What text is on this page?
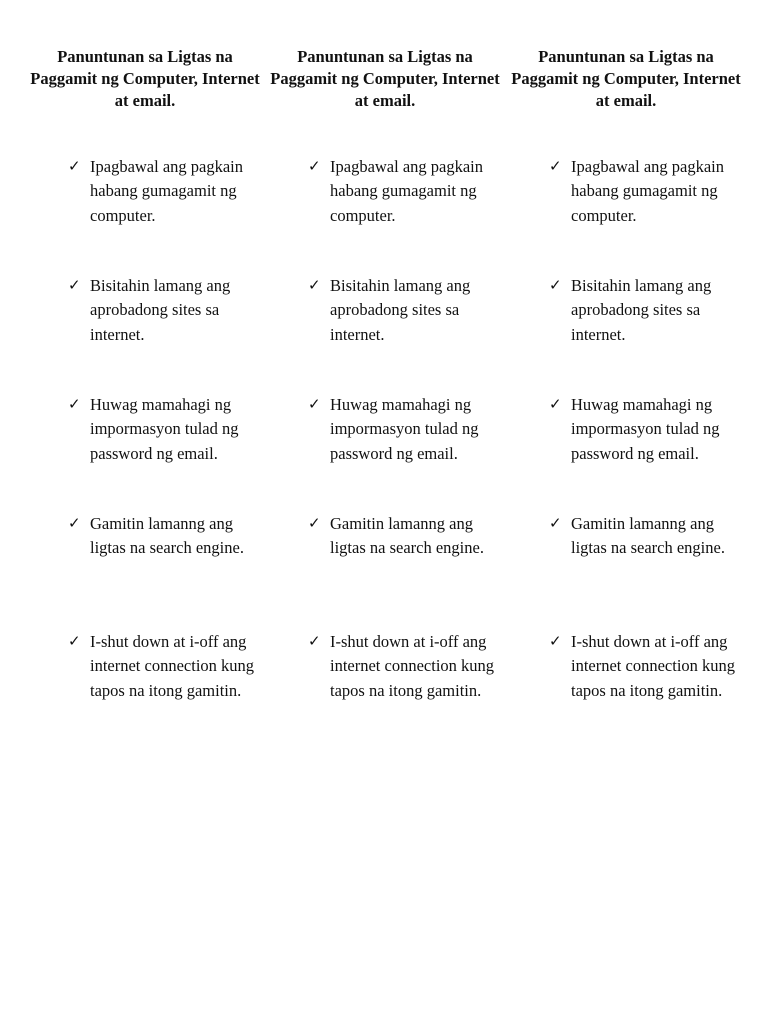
Panuntunan sa Ligtas na Paggamit ng Computer, Internet at email.

✓ Ipagbawal ang pagkain habang gumagamit ng computer.
✓ Bisitahin lamang ang aprobadong sites sa internet.
✓ Huwag mamahagi ng impormasyon tulad ng password ng email.
✓ Gamitin lamanng ang ligtas na search engine.
✓ I-shut down at i-off ang internet connection kung tapos na itong gamitin.

Panuntunan sa Ligtas na Paggamit ng Computer, Internet at email.

✓ Ipagbawal ang pagkain habang gumagamit ng computer.
✓ Bisitahin lamang ang aprobadong sites sa internet.
✓ Huwag mamahagi ng impormasyon tulad ng password ng email.
✓ Gamitin lamanng ang ligtas na search engine.
✓ I-shut down at i-off ang internet connection kung tapos na itong gamitin.

Panuntunan sa Ligtas na Paggamit ng Computer, Internet at email.

✓ Ipagbawal ang pagkain habang gumagamit ng computer.
✓ Bisitahin lamang ang aprobadong sites sa internet.
✓ Huwag mamahagi ng impormasyon tulad ng password ng email.
✓ Gamitin lamanng ang ligtas na search engine.
✓ I-shut down at i-off ang internet connection kung tapos na itong gamitin.
